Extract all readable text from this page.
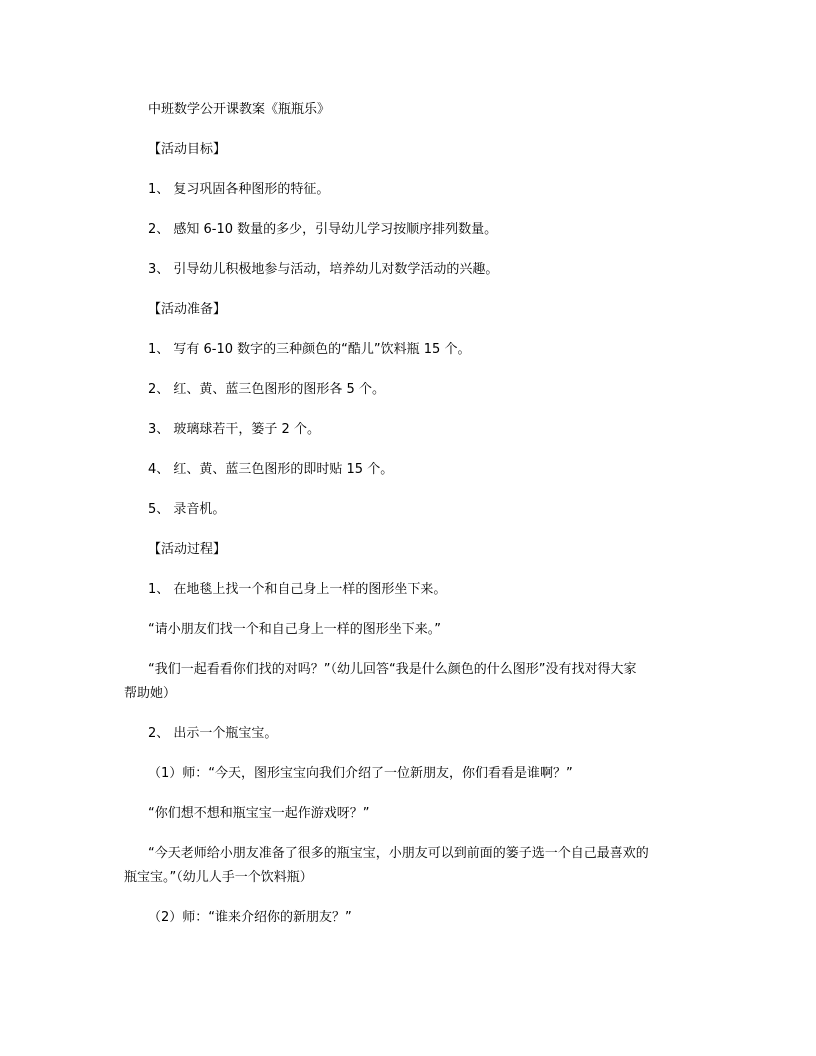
中班数学公开课教案《瓶瓶乐》
【活动目标】
1、 复习巩固各种图形的特征。
2、 感知 6-10 数量的多少，引导幼儿学习按顺序排列数量。
3、 引导幼儿积极地参与活动，培养幼儿对数学活动的兴趣。
【活动准备】
1、 写有 6-10 数字的三种颜色的“酷儿”饮料瓶 15 个。
2、 红、黄、蓝三色图形的图形各 5 个。
3、 玻璃球若干，篓子 2 个。
4、 红、黄、蓝三色图形的即时贴 15 个。
5、 录音机。
【活动过程】
1、 在地毯上找一个和自己身上一样的图形坐下来。
“请小朋友们找一个和自己身上一样的图形坐下来。”
“我们一起看看你们找的对吗？”（幼儿回答“我是什么颜色的什么图形”没有找对得大家
帮助她）
2、 出示一个瓶宝宝。
（1）师：“今天，图形宝宝向我们介绍了一位新朋友，你们看看是谁啊？”
“你们想不想和瓶宝宝一起作游戏呀？”
“今天老师给小朋友准备了很多的瓶宝宝，小朋友可以到前面的篓子选一个自己最喜欢的
瓶宝宝。”（幼儿人手一个饮料瓶）
（2）师：“谁来介绍你的新朋友？”
